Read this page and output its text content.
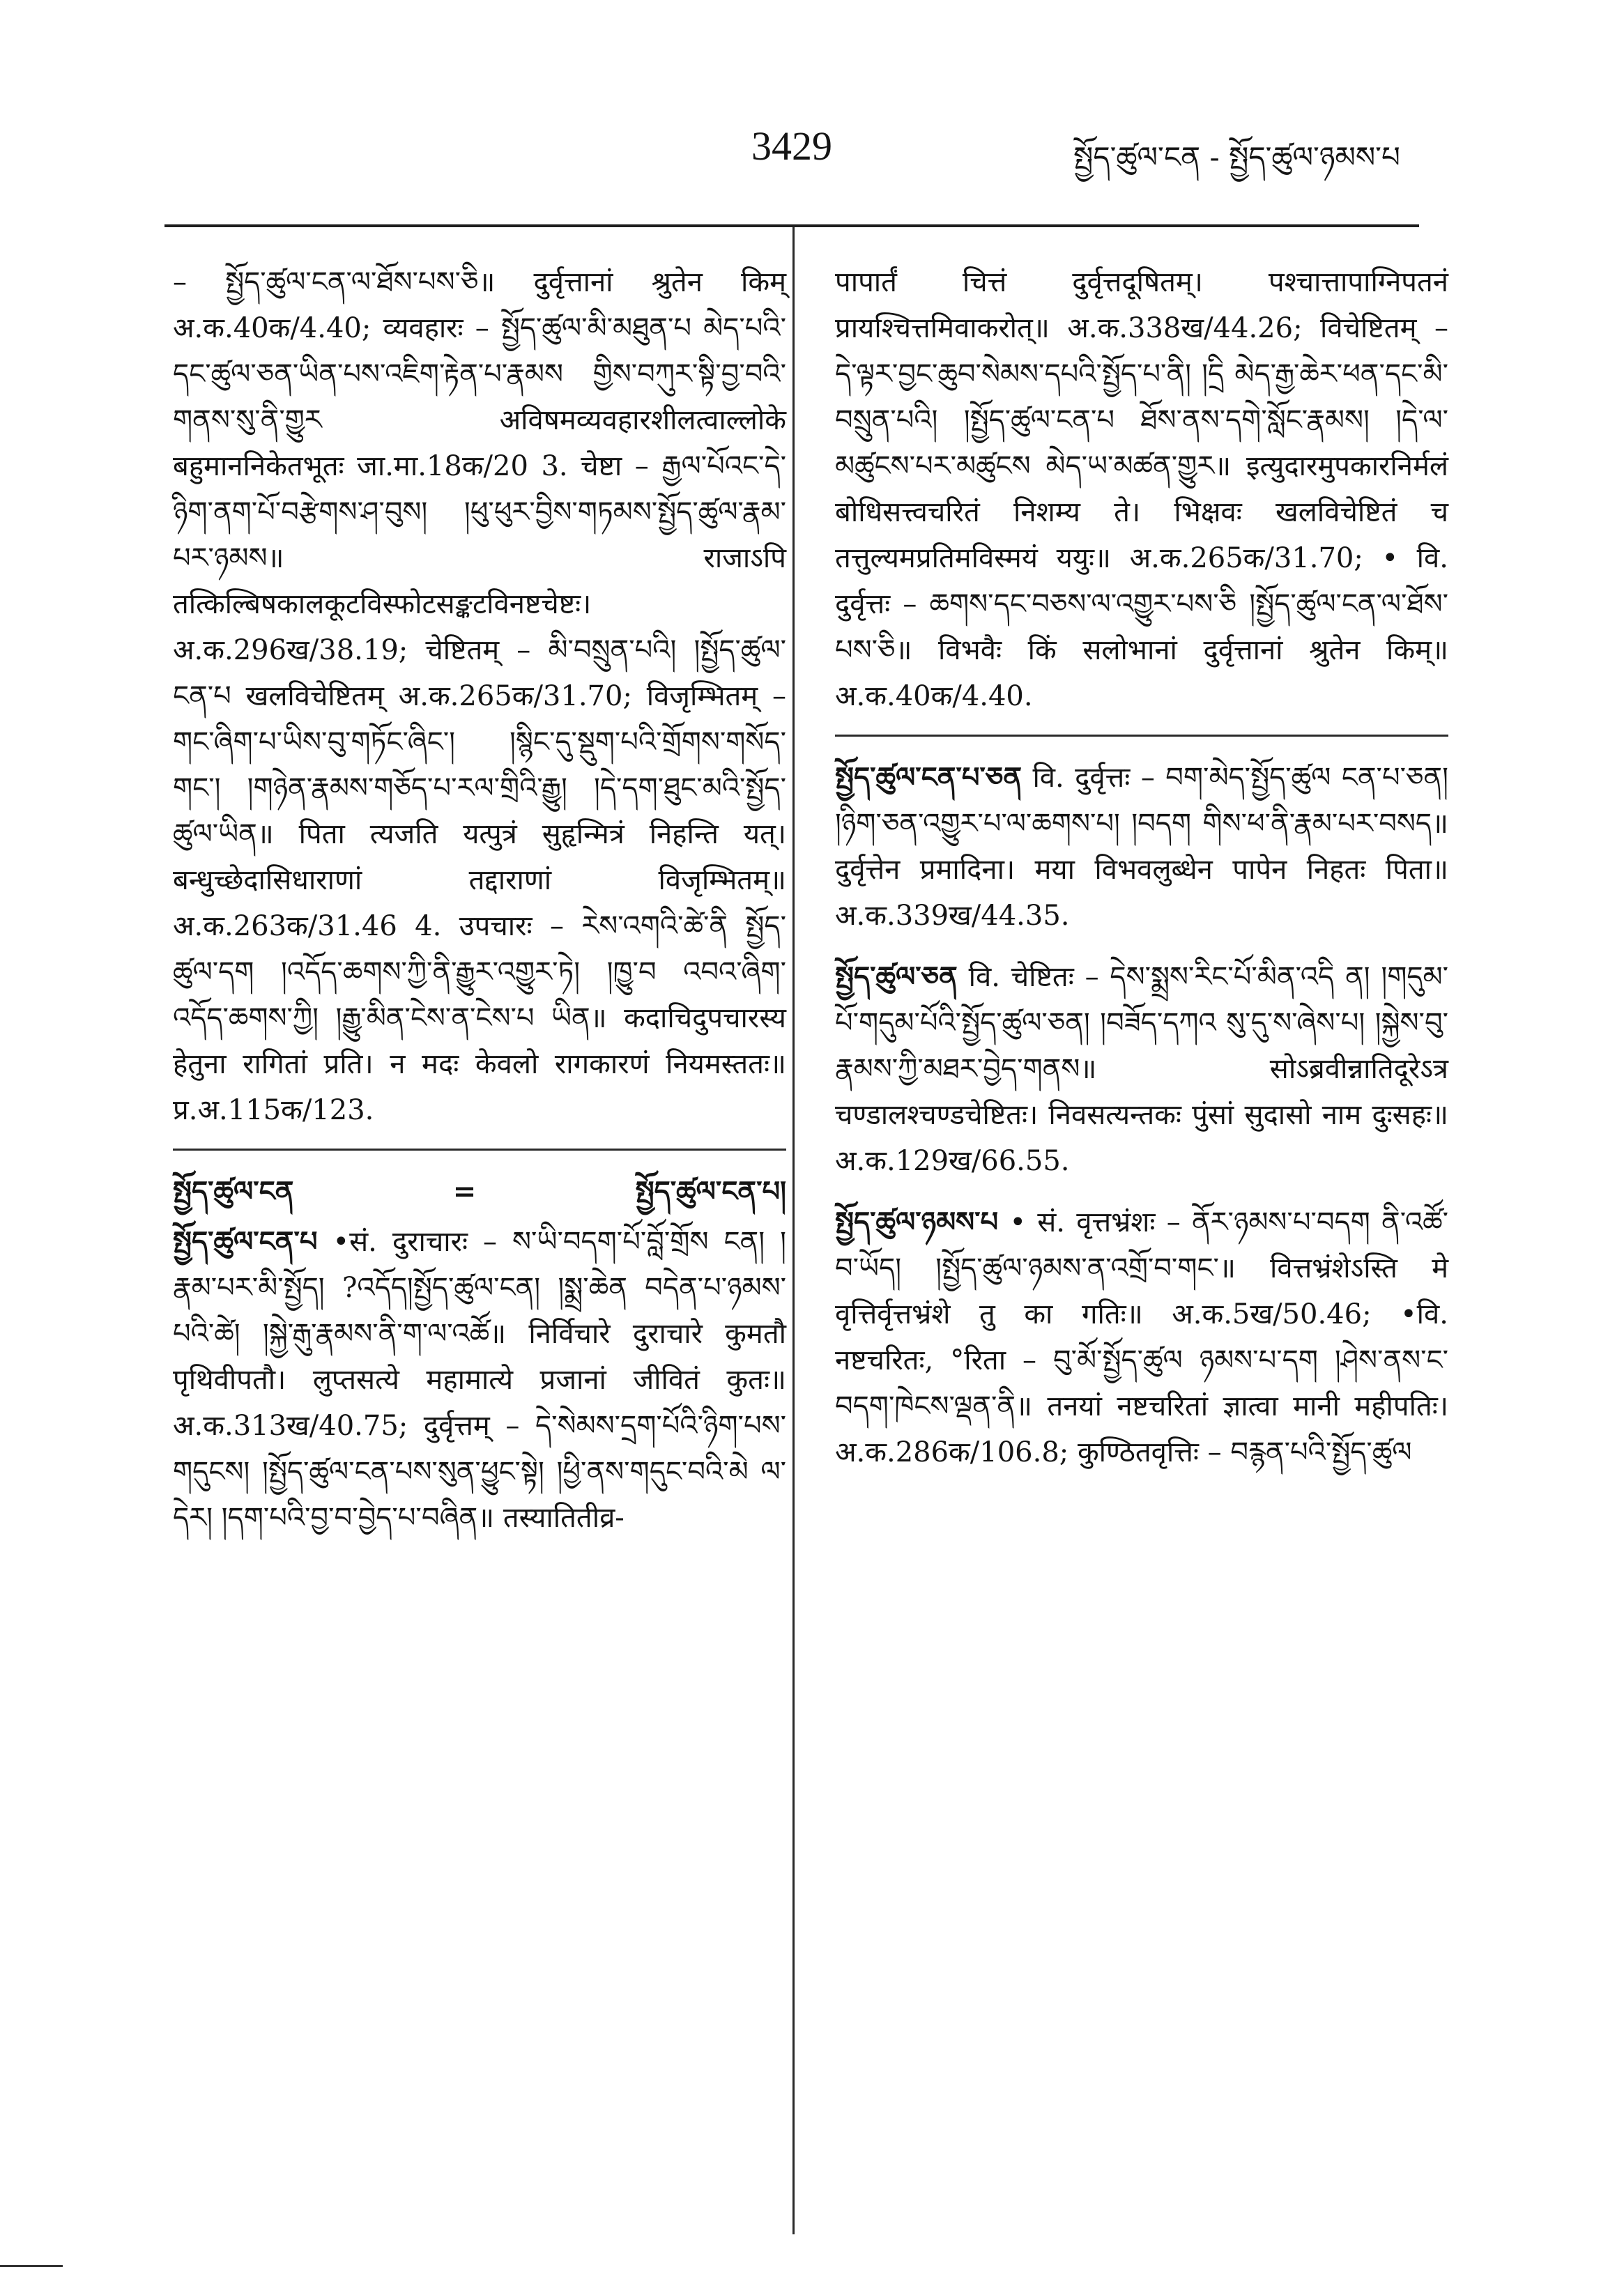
3429	སྤྱོད་ཚུལ་ངན - སྤྱོད་ཚུལ་ཉམས་པ

– སྤྱོད་ཚུལ་ངན་ལ་ཐོས་པས་ཅི॥ दुर्वृत्तानां श्रुतेन किम् अ.क.40क/4.40; व्यवहारः – སྤྱོད་ཚུལ་མི་མཐུན་པ མེད་པའི་དང་ཚུལ་ཅན་ཡིན་པས་འཇིག་རྟེན་པ་རྣམས གྱིས་བཀུར་སྟི་བྱ་བའི་གནས་སུ་ནི་གྱུར अविषमव्यवहारशीलत्वाल्लोके बहुमाननिकेतभूतः जा.मा.18क/20 3. चेष्टा – རྒྱལ་པོའང་དེ་ཉིག་ནག་པོ་བརྩེགས་ཤ་བུས། །ཕུ་ཕུར་བྱིས་གཏམས་སྤྱོད་ཚུལ་རྣམ་པར་ཉམས॥ राजाऽपि तत्किल्बिषकालकूटविस्फोटसङ्कटविनष्टचेष्टः। अ.क.296ख/38.19; चेष्टितम् – མི་བསྲུན་པའི། །སྤྱོད་ཚུལ་ངན་པ खलविचेष्टितम् अ.क.265क/31.70; विजृम्भितम् – གང་ཞིག་པ་ཡིས་བུ་གཏོང་ཞིང་། །སྙིང་དུ་སྡུག་པའི་གྲོགས་གསོད་གང་། །གཉེན་རྣམས་གཅོད་པ་རལ་གྲིའི་རྒྱུ། །དེ་དག་ཐུང་མའི་སྤྱོད་ཚུལ་ཡིན॥ पिता त्यजति यत्पुत्रं सुहृन्मित्रं निहन्ति यत्। बन्धुच्छेदासिधाराणां तद्दाराणां विजृम्भितम्॥ अ.क.263क/31.46 4. उपचारः – རེས་འགའི་ཚེ་ནི སྤྱོད་ཚུལ་དག །འདོད་ཆགས་ཀྱི་ནི་རྒྱུར་འགྱུར་ཏེ། །ཁྱུ་བ འབའ་ཞིག་འདོད་ཆགས་ཀྱི། །རྒྱུ་མིན་ངེས་ན་ངེས་པ ཡིན॥ कदाचिदुपचारस्य हेतुना रागितां प्रति। न मदः केवलो रागकारणं नियमस्ततः॥ प्र.अ.115क/123.

སྤྱོད་ཚུལ་ངན	=	སྤྱོད་ཚུལ་ངན་པ།

སྤྱོད་ཚུལ་ངན་པ •सं. दुराचारः – ས་ཡི་བདག་པོ་བློ་གྲོས ངན། །རྣམ་པར་མི་སྤྱོད། ?འདོད།སྤྱོད་ཚུལ་ངན། །སྨྲ་ཆེན བདེན་པ་ཉམས་པའི་ཚེ། །སྐྱེ་རྒུ་རྣམས་ནི་ག་ལ་འཚོ॥ निर्विचारे दुराचारे कुमतौ पृथिवीपतौ। लुप्तसत्ये महामात्ये प्रजानां जीवितं कुतः॥ अ.क.313ख/40.75; दुर्वृत्तम् – དེ་སེམས་དྲག་པོའི་ཉིག་པས་གདུངས། །སྤྱོད་ཚུལ་ངན་པས་སུན་ཕྱུང་སྟེ། །ཕྱི་ནས་གདུང་བའི་མེ ལ་དེར། །དག་པའི་བྱ་བ་བྱེད་པ་བཞིན॥ तस्यातितीव्र-

पापार्तं चित्तं दुर्वृत्तदूषितम्। पश्चात्तापाग्निपतनं प्रायश्चित्तमिवाकरोत्॥ अ.क.338ख/44.26; विचेष्टितम् – དེ་ལྟར་བྱང་ཆུབ་སེམས་དཔའི་སྤྱོད་པ་ནི། །དྲི མེད་རྒྱ་ཆེར་ཕན་དང་མི་བསྲུན་པའི། །སྤྱོད་ཚུལ་ངན་པ ཐོས་ནས་དགེ་སློང་རྣམས། །དེ་ལ་མཚུངས་པར་མཚུངས མེད་ཡ་མཚན་གྱུར॥ इत्युदारमुपकारनिर्मलं बोधिसत्त्वचरितं निशम्य ते। भिक्षवः खलविचेष्टितं च तत्तुल्यमप्रतिमविस्मयं ययुः॥ अ.क.265क/31.70; • वि. दुर्वृत्तः – ཆགས་དང་བཅས་ལ་འགྱུར་པས་ཅི །སྤྱོད་ཚུལ་ངན་ལ་ཐོས་པས་ཅི॥ विभवैः किं सलोभानां दुर्वृत्तानां श्रुतेन किम्॥ अ.क.40क/4.40.

སྤྱོད་ཚུལ་ངན་པ་ཅན वि. दुर्वृत्तः – བག་མེད་སྤྱོད་ཚུལ ངན་པ་ཅན། །ཉིག་ཅན་འགྱུར་པ་ལ་ཆགས་པ། །བདག གིས་ཕ་ནི་རྣམ་པར་བསད॥ दुर्वृत्तेन प्रमादिना। मया विभवलुब्धेन पापेन निहतः पिता॥ अ.क.339ख/44.35.

སྤྱོད་ཚུལ་ཅན वि. चेष्टितः – དེས་སྨྲས་རིང་པོ་མིན་འདི ན། །གདུམ་པོ་གདུམ་པོའི་སྤྱོད་ཚུལ་ཅན། །བཟོད་དཀའ སུ་དུ་ས་ཞེས་པ། །སྐྱེས་བུ་རྣམས་ཀྱི་མཐར་བྱེད་གནས॥ सोऽब्रवीन्नातिदूरेऽत्र चण्डालश्चण्डचेष्टितः। निवसत्यन्तकः पुंसां सुदासो नाम दुःसहः॥ अ.क.129ख/66.55.

སྤྱོད་ཚུལ་ཉམས་པ • सं. वृत्तभ्रंशः – ནོར་ཉམས་པ་བདག ནི་འཚོ་བ་ཡོད། །སྤྱོད་ཚུལ་ཉམས་ན་འགྲོ་བ་གང་॥ वित्तभ्रंशेऽस्ति मे वृत्तिर्वृत्तभ्रंशे तु का गतिः॥ अ.क.5ख/50.46; •वि. नष्टचरितः, °रिता – བུ་མོ་སྤྱོད་ཚུལ ཉམས་པ་དག །ཤེས་ནས་ང་བདག་ཁེངས་ལྡན་ནི॥ तनयां नष्टचरितां ज्ञात्वा मानी महीपतिः। अ.क.286क/106.8; कुण्ठितवृत्तिः – བརྙན་པའི་སྤྱོད་ཚུལ
